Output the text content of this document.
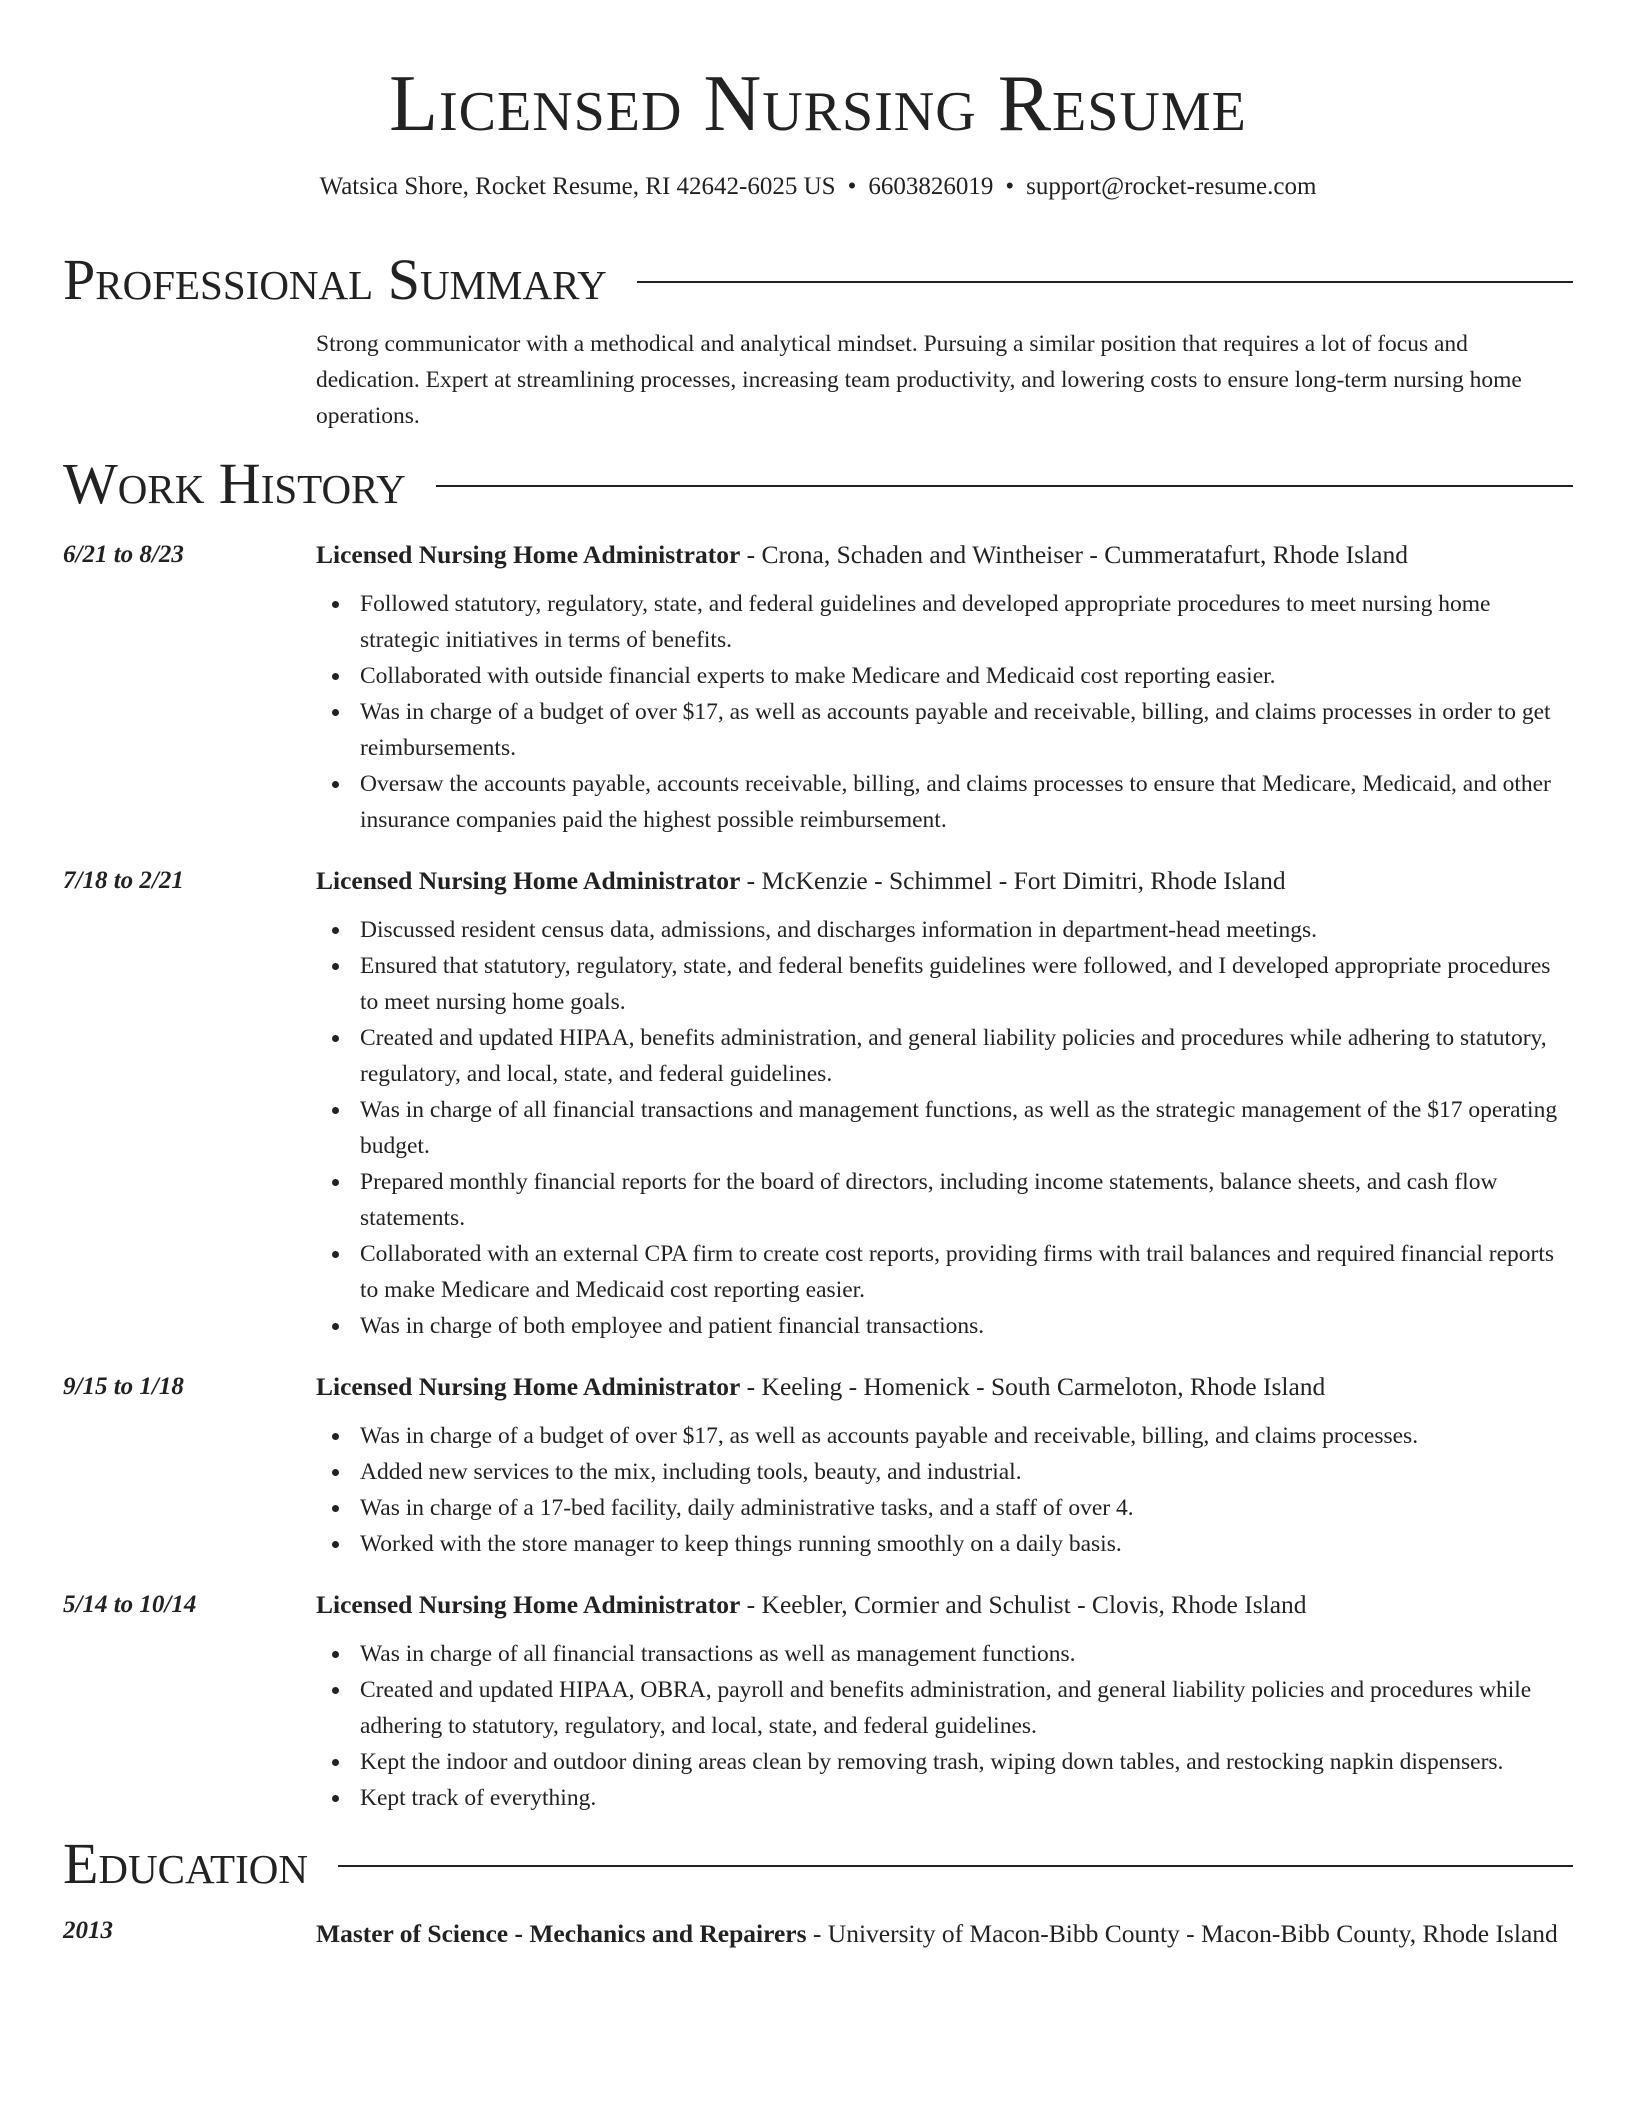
Licensed Nursing Resume
Watsica Shore, Rocket Resume, RI 42642-6025 US • 6603826019 • support@rocket-resume.com
Professional Summary
Strong communicator with a methodical and analytical mindset. Pursuing a similar position that requires a lot of focus and dedication. Expert at streamlining processes, increasing team productivity, and lowering costs to ensure long-term nursing home operations.
Work History
6/21 to 8/23	Licensed Nursing Home Administrator - Crona, Schaden and Wintheiser - Cummeratafurt, Rhode Island
Followed statutory, regulatory, state, and federal guidelines and developed appropriate procedures to meet nursing home strategic initiatives in terms of benefits.
Collaborated with outside financial experts to make Medicare and Medicaid cost reporting easier.
Was in charge of a budget of over $17, as well as accounts payable and receivable, billing, and claims processes in order to get reimbursements.
Oversaw the accounts payable, accounts receivable, billing, and claims processes to ensure that Medicare, Medicaid, and other insurance companies paid the highest possible reimbursement.
7/18 to 2/21	Licensed Nursing Home Administrator - McKenzie - Schimmel - Fort Dimitri, Rhode Island
Discussed resident census data, admissions, and discharges information in department-head meetings.
Ensured that statutory, regulatory, state, and federal benefits guidelines were followed, and I developed appropriate procedures to meet nursing home goals.
Created and updated HIPAA, benefits administration, and general liability policies and procedures while adhering to statutory, regulatory, and local, state, and federal guidelines.
Was in charge of all financial transactions and management functions, as well as the strategic management of the $17 operating budget.
Prepared monthly financial reports for the board of directors, including income statements, balance sheets, and cash flow statements.
Collaborated with an external CPA firm to create cost reports, providing firms with trail balances and required financial reports to make Medicare and Medicaid cost reporting easier.
Was in charge of both employee and patient financial transactions.
9/15 to 1/18	Licensed Nursing Home Administrator - Keeling - Homenick - South Carmeloton, Rhode Island
Was in charge of a budget of over $17, as well as accounts payable and receivable, billing, and claims processes.
Added new services to the mix, including tools, beauty, and industrial.
Was in charge of a 17-bed facility, daily administrative tasks, and a staff of over 4.
Worked with the store manager to keep things running smoothly on a daily basis.
5/14 to 10/14	Licensed Nursing Home Administrator - Keebler, Cormier and Schulist - Clovis, Rhode Island
Was in charge of all financial transactions as well as management functions.
Created and updated HIPAA, OBRA, payroll and benefits administration, and general liability policies and procedures while adhering to statutory, regulatory, and local, state, and federal guidelines.
Kept the indoor and outdoor dining areas clean by removing trash, wiping down tables, and restocking napkin dispensers.
Kept track of everything.
Education
2013	Master of Science - Mechanics and Repairers - University of Macon-Bibb County - Macon-Bibb County, Rhode Island
